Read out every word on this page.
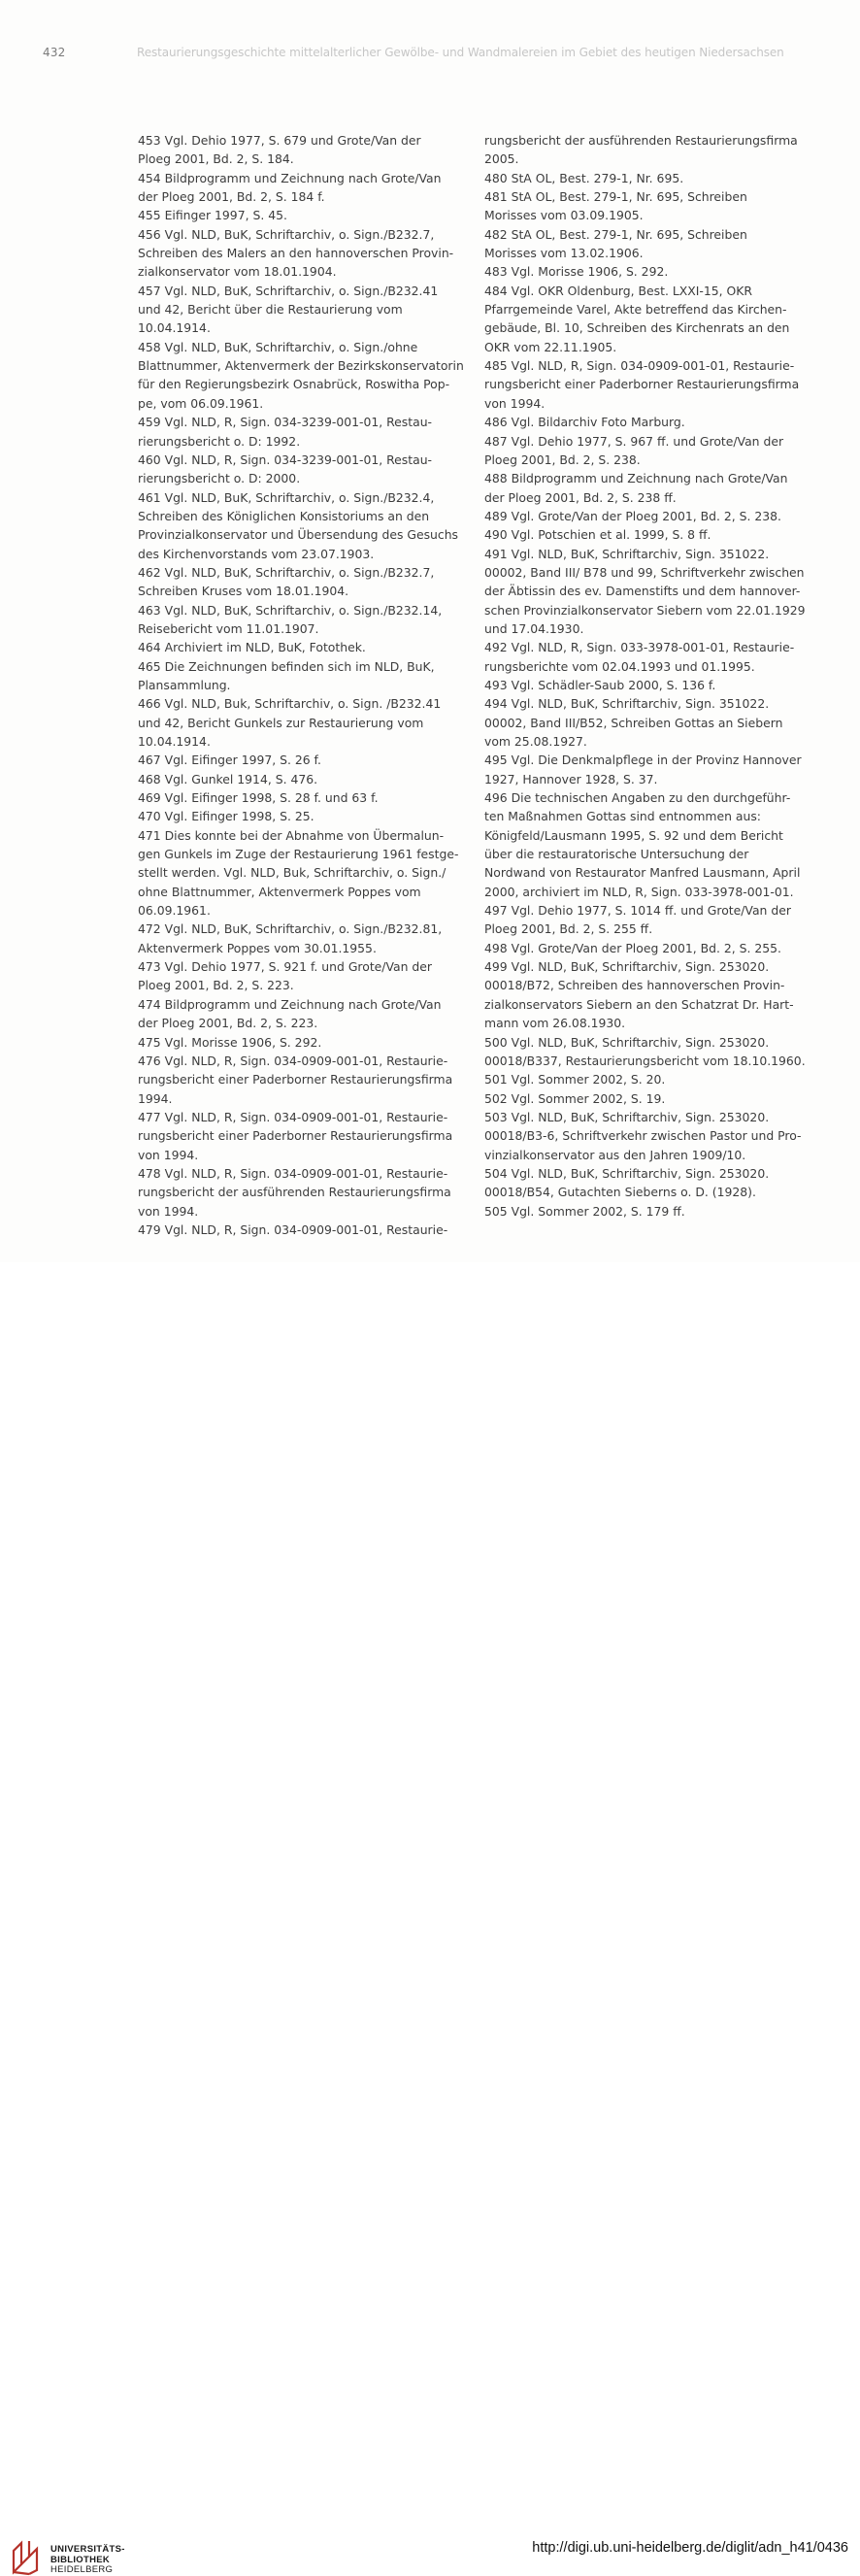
432	Restaurierungsgeschichte mittelalterlicher Gewölbe- und Wandmalereien im Gebiet des heutigen Niedersachsen
453 Vgl. Dehio 1977, S. 679 und Grote/Van der
Ploeg 2001, Bd. 2, S. 184.
454 Bildprogramm und Zeichnung nach Grote/Van
der Ploeg 2001, Bd. 2, S. 184 f.
455 Eifinger 1997, S. 45.
456 Vgl. NLD, BuK, Schriftarchiv, o. Sign./B232.7,
Schreiben des Malers an den hannoverschen Provin-
zialkonservator vom 18.01.1904.
457 Vgl. NLD, BuK, Schriftarchiv, o. Sign./B232.41
und 42, Bericht über die Restaurierung vom
10.04.1914.
458 Vgl. NLD, BuK, Schriftarchiv, o. Sign./ohne
Blattnummer, Aktenvermerk der Bezirkskonservatorin
für den Regierungsbezirk Osnabrück, Roswitha Pop-
pe, vom 06.09.1961.
459 Vgl. NLD, R, Sign. 034-3239-001-01, Restau-
rierungsbericht o. D: 1992.
460 Vgl. NLD, R, Sign. 034-3239-001-01, Restau-
rierungsbericht o. D: 2000.
461 Vgl. NLD, BuK, Schriftarchiv, o. Sign./B232.4,
Schreiben des Königlichen Konsistoriums an den
Provinzialkonservator und Übersendung des Gesuchs
des Kirchenvorstands vom 23.07.1903.
462 Vgl. NLD, BuK, Schriftarchiv, o. Sign./B232.7,
Schreiben Kruses vom 18.01.1904.
463 Vgl. NLD, BuK, Schriftarchiv, o. Sign./B232.14,
Reisebericht vom 11.01.1907.
464 Archiviert im NLD, BuK, Fotothek.
465 Die Zeichnungen befinden sich im NLD, BuK,
Plansammlung.
466 Vgl. NLD, Buk, Schriftarchiv, o. Sign. /B232.41
und 42, Bericht Gunkels zur Restaurierung vom
10.04.1914.
467 Vgl. Eifinger 1997, S. 26 f.
468 Vgl. Gunkel 1914, S. 476.
469 Vgl. Eifinger 1998, S. 28 f. und 63 f.
470 Vgl. Eifinger 1998, S. 25.
471 Dies konnte bei der Abnahme von Übermalun-
gen Gunkels im Zuge der Restaurierung 1961 festge-
stellt werden. Vgl. NLD, Buk, Schriftarchiv, o. Sign./
ohne Blattnummer, Aktenvermerk Poppes vom
06.09.1961.
472 Vgl. NLD, BuK, Schriftarchiv, o. Sign./B232.81,
Aktenvermerk Poppes vom 30.01.1955.
473 Vgl. Dehio 1977, S. 921 f. und Grote/Van der
Ploeg 2001, Bd. 2, S. 223.
474 Bildprogramm und Zeichnung nach Grote/Van
der Ploeg 2001, Bd. 2, S. 223.
475 Vgl. Morisse 1906, S. 292.
476 Vgl. NLD, R, Sign. 034-0909-001-01, Restaurie-
rungsbericht einer Paderborner Restaurierungsfirma
1994.
477 Vgl. NLD, R, Sign. 034-0909-001-01, Restaurie-
rungsbericht einer Paderborner Restaurierungsfirma
von 1994.
478 Vgl. NLD, R, Sign. 034-0909-001-01, Restaurie-
rungsbericht der ausführenden Restaurierungsfirma
von 1994.
479 Vgl. NLD, R, Sign. 034-0909-001-01, Restaurie-
rungsbericht der ausführenden Restaurierungsfirma
2005.
480 StA OL, Best. 279-1, Nr. 695.
481 StA OL, Best. 279-1, Nr. 695, Schreiben
Morisses vom 03.09.1905.
482 StA OL, Best. 279-1, Nr. 695, Schreiben
Morisses vom 13.02.1906.
483 Vgl. Morisse 1906, S. 292.
484 Vgl. OKR Oldenburg, Best. LXXI-15, OKR
Pfarrgemeinde Varel, Akte betreffend das Kirchen-
gebäude, Bl. 10, Schreiben des Kirchenrats an den
OKR vom 22.11.1905.
485 Vgl. NLD, R, Sign. 034-0909-001-01, Restaurie-
rungsbericht einer Paderborner Restaurierungsfirma
von 1994.
486 Vgl. Bildarchiv Foto Marburg.
487 Vgl. Dehio 1977, S. 967 ff. und Grote/Van der
Ploeg 2001, Bd. 2, S. 238.
488 Bildprogramm und Zeichnung nach Grote/Van
der Ploeg 2001, Bd. 2, S. 238 ff.
489 Vgl. Grote/Van der Ploeg 2001, Bd. 2, S. 238.
490 Vgl. Potschien et al. 1999, S. 8 ff.
491 Vgl. NLD, BuK, Schriftarchiv, Sign. 351022.
00002, Band III/ B78 und 99, Schriftverkehr zwischen
der Äbtissin des ev. Damenstifts und dem hannover-
schen Provinzialkonservator Siebern vom 22.01.1929
und 17.04.1930.
492 Vgl. NLD, R, Sign. 033-3978-001-01, Restaurie-
rungsberichte vom 02.04.1993 und 01.1995.
493 Vgl. Schädler-Saub 2000, S. 136 f.
494 Vgl. NLD, BuK, Schriftarchiv, Sign. 351022.
00002, Band III/B52, Schreiben Gottas an Siebern
vom 25.08.1927.
495 Vgl. Die Denkmalpflege in der Provinz Hannover
1927, Hannover 1928, S. 37.
496 Die technischen Angaben zu den durchgeführ-
ten Maßnahmen Gottas sind entnommen aus:
Königfeld/Lausmann 1995, S. 92 und dem Bericht
über die restauratorische Untersuchung der
Nordwand von Restaurator Manfred Lausmann, April
2000, archiviert im NLD, R, Sign. 033-3978-001-01.
497 Vgl. Dehio 1977, S. 1014 ff. und Grote/Van der
Ploeg 2001, Bd. 2, S. 255 ff.
498 Vgl. Grote/Van der Ploeg 2001, Bd. 2, S. 255.
499 Vgl. NLD, BuK, Schriftarchiv, Sign. 253020.
00018/B72, Schreiben des hannoverschen Provin-
zialkonservators Siebern an den Schatzrat Dr. Hart-
mann vom 26.08.1930.
500 Vgl. NLD, BuK, Schriftarchiv, Sign. 253020.
00018/B337, Restaurierungsbericht vom 18.10.1960.
501 Vgl. Sommer 2002, S. 20.
502 Vgl. Sommer 2002, S. 19.
503 Vgl. NLD, BuK, Schriftarchiv, Sign. 253020.
00018/B3-6, Schriftverkehr zwischen Pastor und Pro-
vinzialkonservator aus den Jahren 1909/10.
504 Vgl. NLD, BuK, Schriftarchiv, Sign. 253020.
00018/B54, Gutachten Sieberns o. D. (1928).
505 Vgl. Sommer 2002, S. 179 ff.
UNIVERSITÄTS-
BIBLIOTHEK
HEIDELBERG
http://digi.ub.uni-heidelberg.de/diglit/adn_h41/0436
